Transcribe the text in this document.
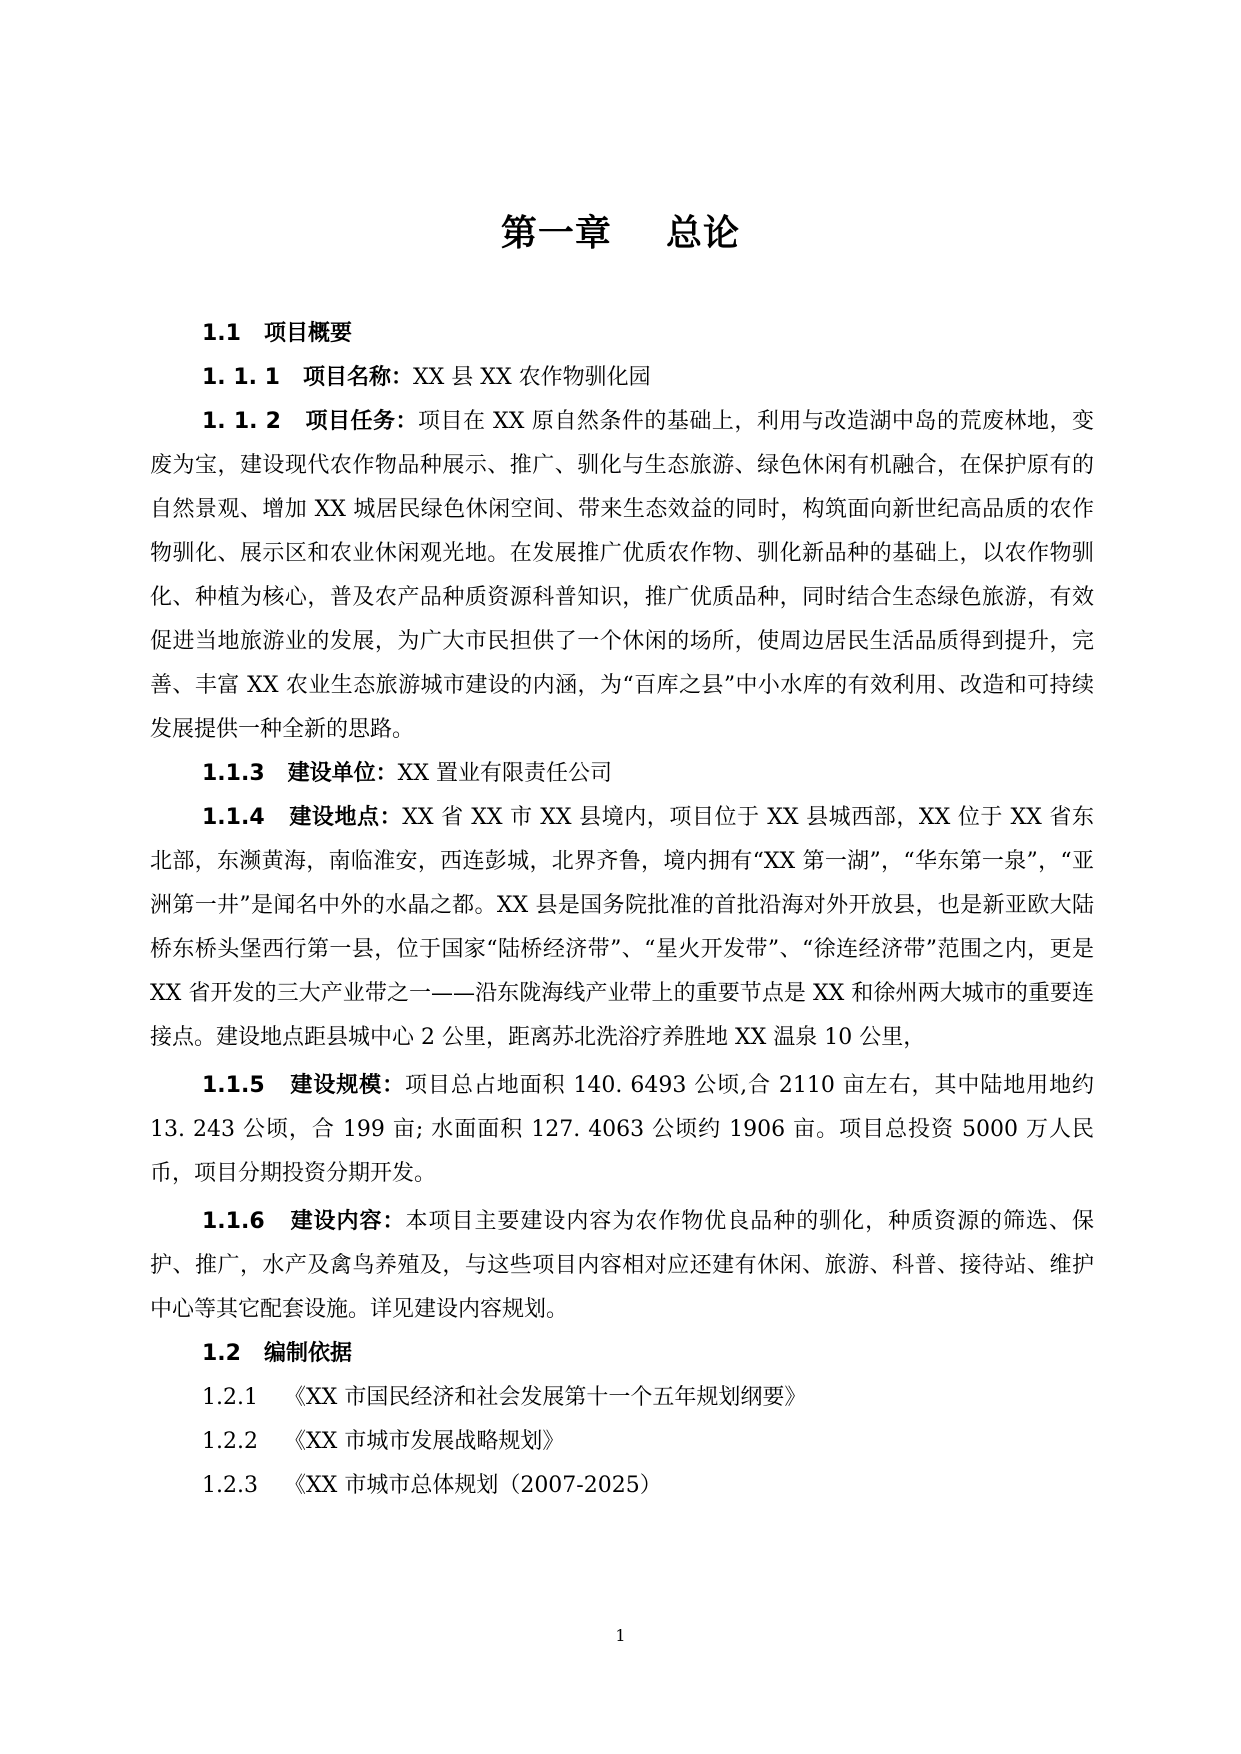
第一章    总论

1.1 项目概要

1. 1. 1 项目名称：XX 县 XX 农作物驯化园

1. 1. 2 项目任务：项目在 XX 原自然条件的基础上，利用与改造湖中岛的荒废林地，变废为宝，建设现代农作物品种展示、推广、驯化与生态旅游、绿色休闲有机融合，在保护原有的自然景观、增加 XX 城居民绿色休闲空间、带来生态效益的同时，构筑面向新世纪高品质的农作物驯化、展示区和农业休闲观光地。在发展推广优质农作物、驯化新品种的基础上，以农作物驯化、种植为核心，普及农产品种质资源科普知识，推广优质品种，同时结合生态绿色旅游，有效促进当地旅游业的发展，为广大市民担供了一个休闲的场所，使周边居民生活品质得到提升，完善、丰富 XX 农业生态旅游城市建设的内涵，为“百库之县”中小水库的有效利用、改造和可持续发展提供一种全新的思路。

1.1.3 建设单位：XX 置业有限责任公司

1.1.4 建设地点：XX 省 XX 市 XX 县境内，项目位于 XX 县城西部，XX 位于 XX 省东北部，东濒黄海，南临淮安，西连彭城，北界齐鲁，境内拥有“XX 第一湖”，“华东第一泉”，“亚洲第一井”是闻名中外的水晶之都。XX 县是国务院批准的首批沿海对外开放县，也是新亚欧大陆桥东桥头堡西行第一县，位于国家“陆桥经济带”、“星火开发带”、“徐连经济带”范围之内，更是 XX 省开发的三大产业带之一——沿东陇海线产业带上的重要节点是 XX 和徐州两大城市的重要连接点。建设地点距县城中心 2 公里，距离苏北洗浴疗养胜地 XX 温泉 10 公里，

1.1.5 建设规模：项目总占地面积 140. 6493 公顷,合 2110 亩左右，其中陆地用地约 13. 243 公顷，合 199 亩; 水面面积 127. 4063 公顷约 1906 亩。项目总投资 5000 万人民币，项目分期投资分期开发。

1.1.6 建设内容：本项目主要建设内容为农作物优良品种的驯化，种质资源的筛选、保护、推广，水产及禽鸟养殖及，与这些项目内容相对应还建有休闲、旅游、科普、接待站、维护中心等其它配套设施。详见建设内容规划。

1.2 编制依据

1.2.1 《XX 市国民经济和社会发展第十一个五年规划纲要》

1.2.2 《XX 市城市发展战略规划》

1.2.3 《XX 市城市总体规划（2007-2025）

1
